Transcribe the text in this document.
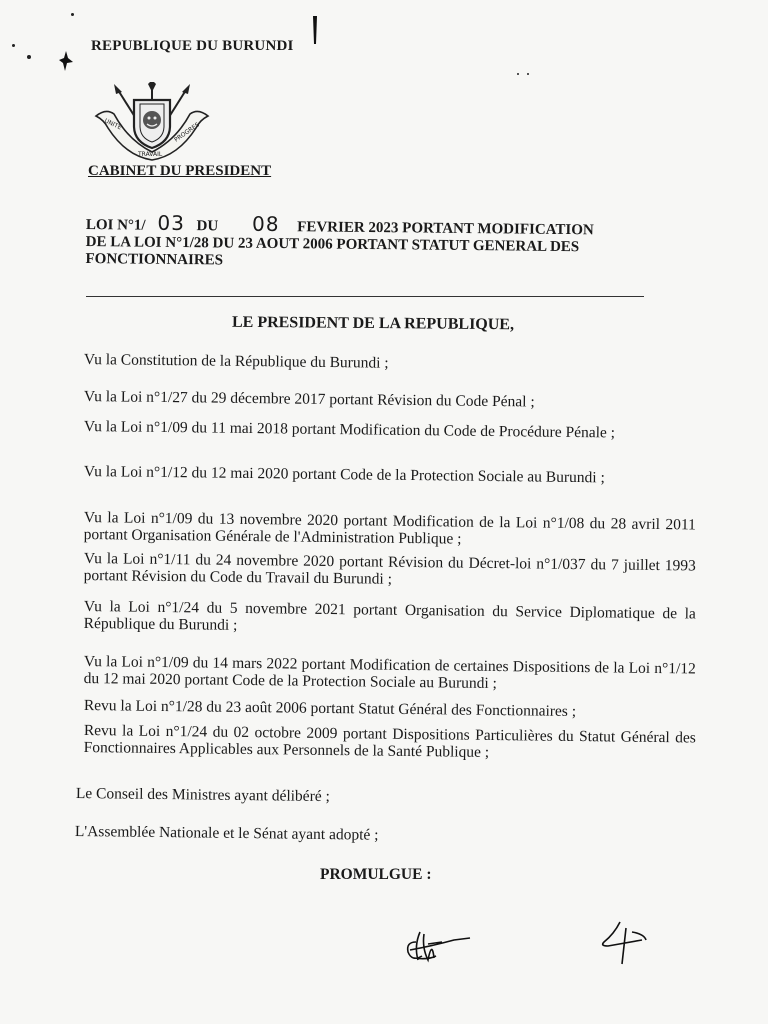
REPUBLIQUE DU BURUNDI
UNITE
TRAVAIL
PROGRES
CABINET DU PRESIDENT
LOI N°1/ 03 DU 08 FEVRIER 2023 PORTANT MODIFICATION
DE LA LOI N°1/28 DU 23 AOUT 2006 PORTANT STATUT GENERAL DES
FONCTIONNAIRES
LE PRESIDENT DE LA REPUBLIQUE,
Vu la Constitution de la République du Burundi ;
Vu la Loi n°1/27 du 29 décembre 2017 portant Révision du Code Pénal ;
Vu la Loi n°1/09 du 11 mai 2018 portant Modification du Code de Procédure Pénale ;
Vu la Loi n°1/12 du 12 mai 2020 portant Code de la Protection Sociale au Burundi ;
Vu la Loi n°1/09 du 13 novembre 2020 portant Modification de la Loi n°1/08 du 28 avril 2011 portant Organisation Générale de l'Administration Publique ;
Vu la Loi n°1/11 du 24 novembre 2020 portant Révision du Décret-loi n°1/037 du 7 juillet 1993 portant Révision du Code du Travail du Burundi ;
Vu la Loi n°1/24 du 5 novembre 2021 portant Organisation du Service Diplomatique de la République du Burundi ;
Vu la Loi n°1/09 du 14 mars 2022 portant Modification de certaines Dispositions de la Loi n°1/12 du 12 mai 2020 portant Code de la Protection Sociale au Burundi ;
Revu la Loi n°1/28 du 23 août 2006 portant Statut Général des Fonctionnaires ;
Revu la Loi n°1/24 du 02 octobre 2009 portant Dispositions Particulières du Statut Général des Fonctionnaires Applicables aux Personnels de la Santé Publique ;
Le Conseil des Ministres ayant délibéré ;
L'Assemblée Nationale et le Sénat ayant adopté ;
PROMULGUE :
